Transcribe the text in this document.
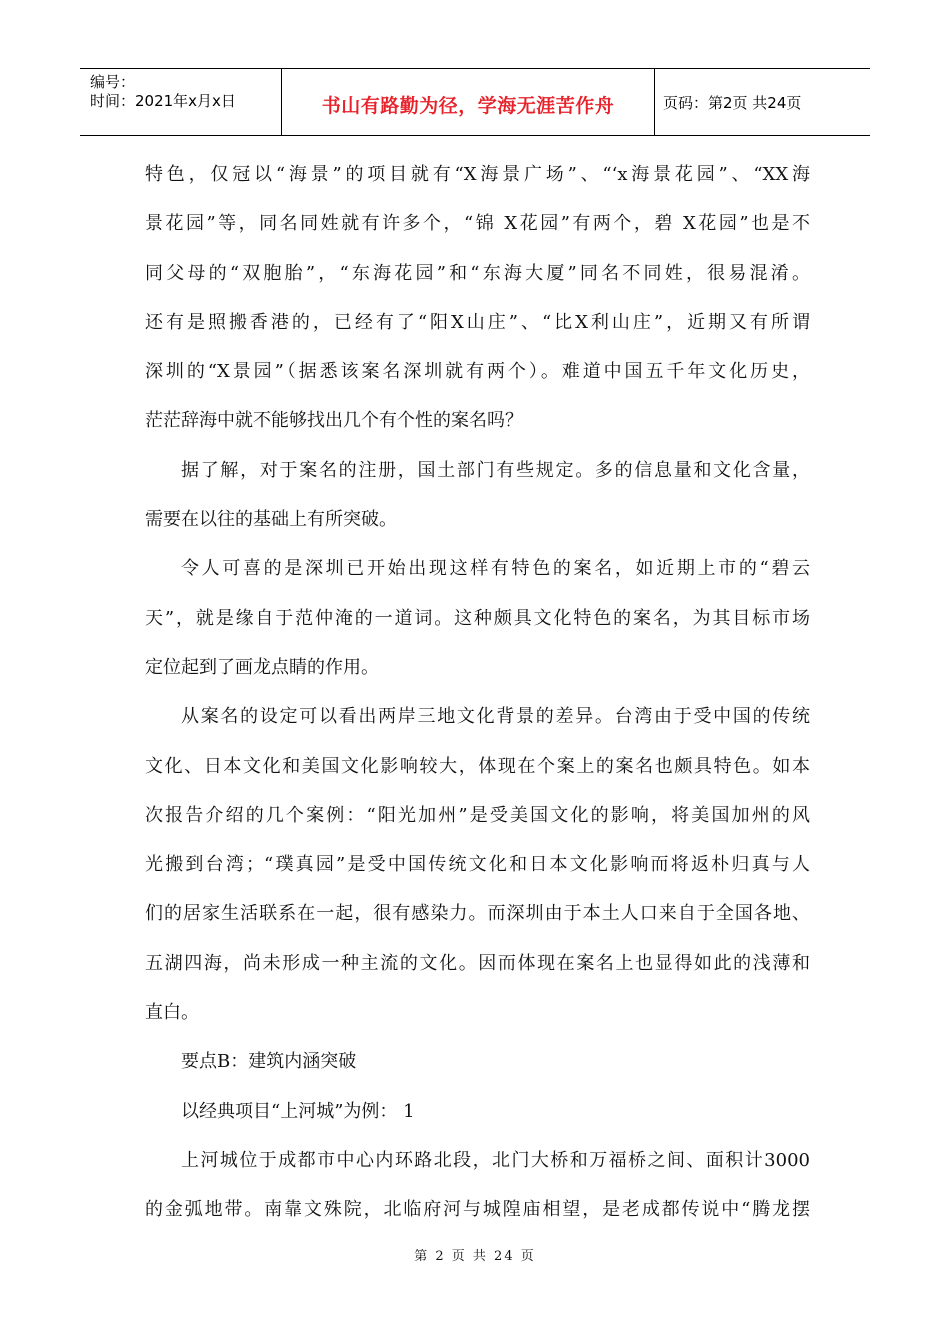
编号：
时间：2021年x月x日	书山有路勤为径，学海无涯苦作舟	页码：第2页 共24页

特色，仅冠以“海景”的项目就有“X海景广场”、“‘x海景花园”、“XX海
景花园”等，同名同姓就有许多个，“锦 X花园”有两个，碧 X花园”也是不
同父母的“双胞胎”，“东海花园”和“东海大厦”同名不同姓，很易混淆。
还有是照搬香港的，已经有了“阳X山庄”、“比X利山庄”，近期又有所谓
深圳的“X景园”（据悉该案名深圳就有两个）。难道中国五千年文化历史，
茫茫辞海中就不能够找出几个有个性的案名吗？

据了解，对于案名的注册，国土部门有些规定。多的信息量和文化含量，
需要在以往的基础上有所突破。

令人可喜的是深圳已开始出现这样有特色的案名，如近期上市的“碧云
天”，就是缘自于范仲淹的一道词。这种颇具文化特色的案名，为其目标市场
定位起到了画龙点睛的作用。

从案名的设定可以看出两岸三地文化背景的差异。台湾由于受中国的传统
文化、日本文化和美国文化影响较大，体现在个案上的案名也颇具特色。如本
次报告介绍的几个案例：“阳光加州”是受美国文化的影响，将美国加州的风
光搬到台湾；“璞真园”是受中国传统文化和日本文化影响而将返朴归真与人
们的居家生活联系在一起，很有感染力。而深圳由于本土人口来自于全国各地、
五湖四海，尚未形成一种主流的文化。因而体现在案名上也显得如此的浅薄和
直白。

要点B：建筑内涵突破

以经典项目“上河城”为例： 1

上河城位于成都市中心内环路北段，北门大桥和万福桥之间、面积计3000
的金弧地带。南靠文殊院，北临府河与城隍庙相望，是老成都传说中“腾龙摆

第 2 页 共 24 页
